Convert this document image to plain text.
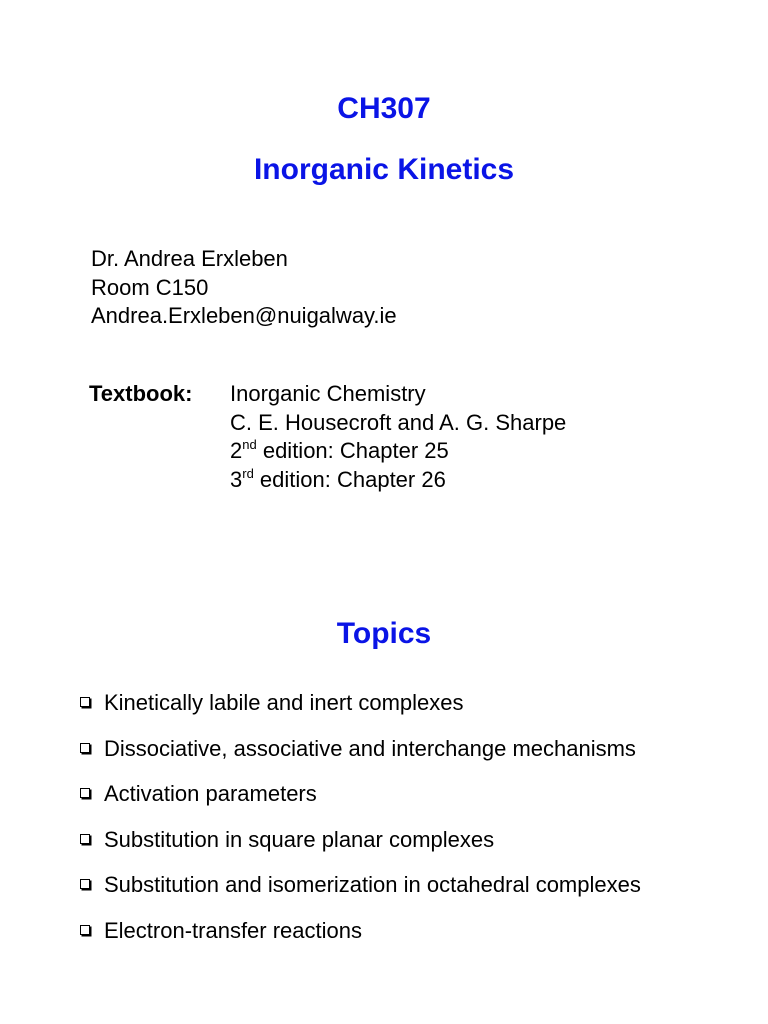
CH307
Inorganic Kinetics
Dr. Andrea Erxleben
Room C150
Andrea.Erxleben@nuigalway.ie
Textbook: Inorganic Chemistry
C. E. Housecroft and A. G. Sharpe
2nd edition: Chapter 25
3rd edition: Chapter 26
Topics
Kinetically labile and inert complexes
Dissociative, associative and interchange mechanisms
Activation parameters
Substitution in square planar complexes
Substitution and isomerization in octahedral complexes
Electron-transfer reactions
